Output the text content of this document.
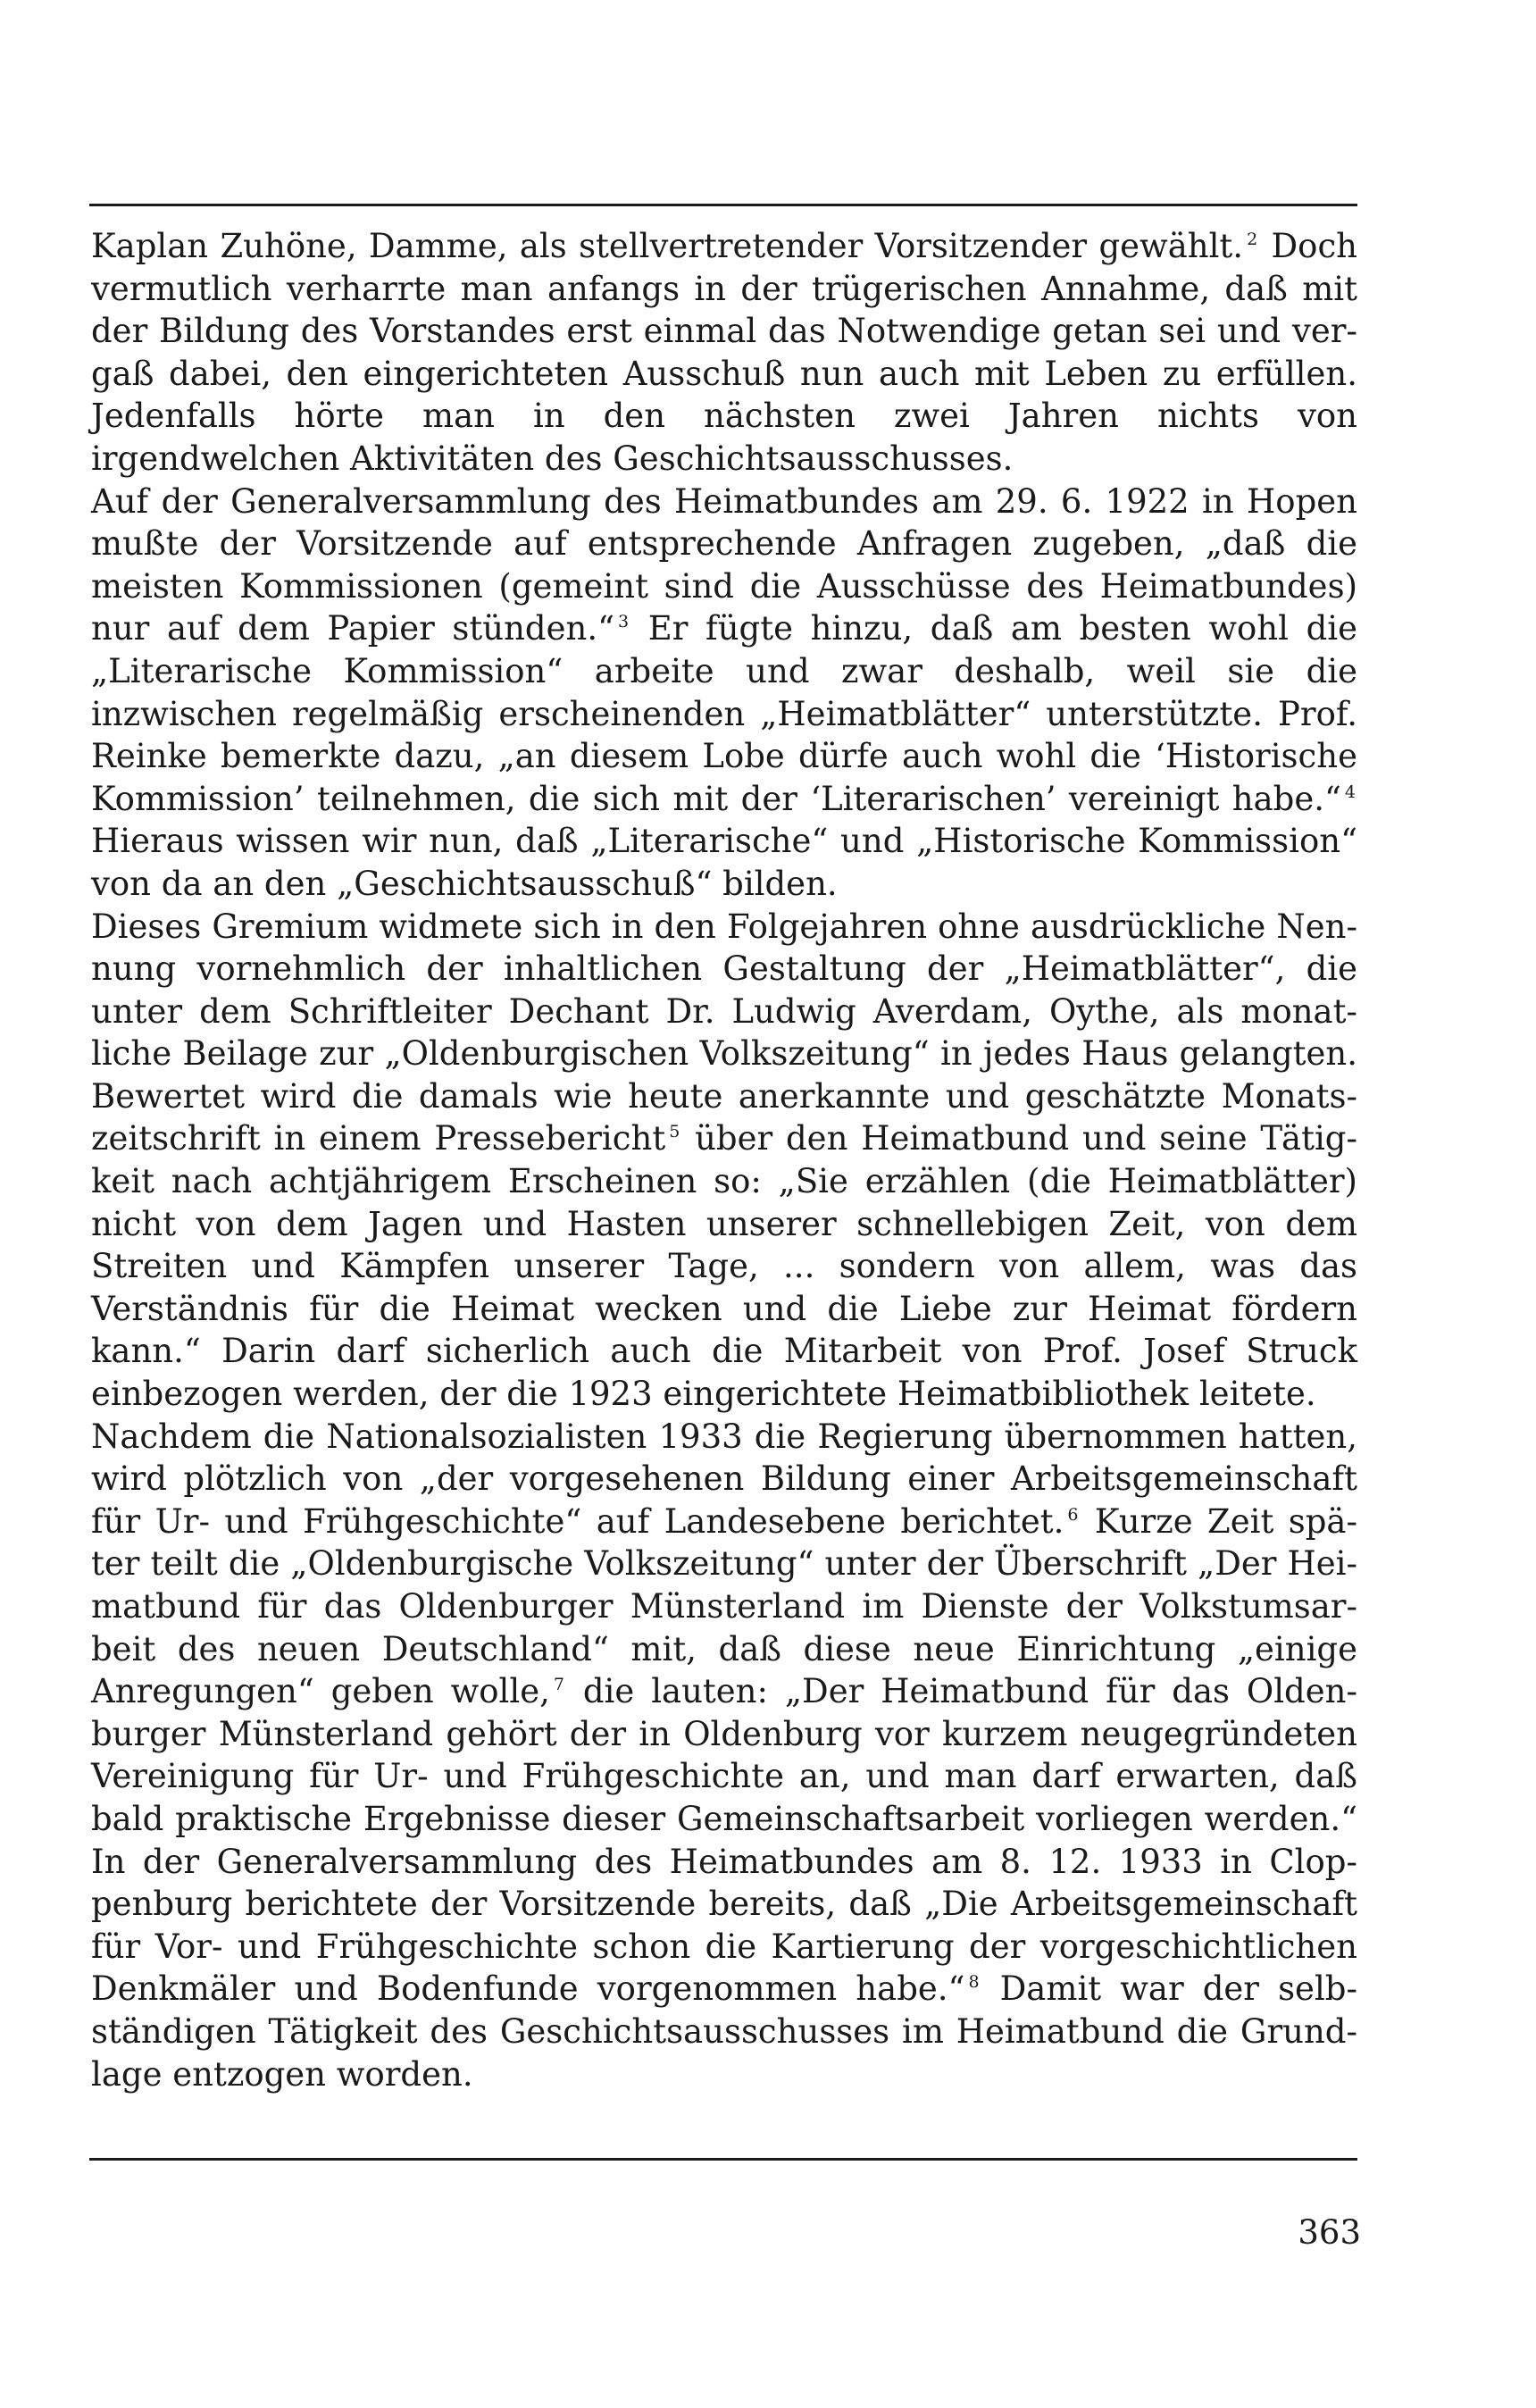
Kaplan Zuhöne, Damme, als stellvertretender Vorsitzender gewählt. $^2$ Doch vermutlich verharrte man anfangs in der trügerischen Annahme, daß mit der Bildung des Vorstandes erst einmal das Notwendige getan sei und vergaß dabei, den eingerichteten Ausschuß nun auch mit Leben zu erfüllen. Jedenfalls hörte man in den nächsten zwei Jahren nichts von irgendwelchen Aktivitäten des Geschichtsausschusses.

Auf der Generalversammlung des Heimatbundes am 29. 6. 1922 in Hopen mußte der Vorsitzende auf entsprechende Anfragen zugeben, „daß die meisten Kommissionen (gemeint sind die Ausschüsse des Heimatbundes) nur auf dem Papier stünden.“ $^3$ Er fügte hinzu, daß am besten wohl die „Literarische Kommission“ arbeite und zwar deshalb, weil sie die inzwischen regelmäßig erscheinenden „Heimatblätter“ unterstützte. Prof. Reinke bemerkte dazu, „an diesem Lobe dürfe auch wohl die ‘Historische Kommission’ teilnehmen, die sich mit der ‘Literarischen’ vereinigt habe.“ $^4$ Hieraus wissen wir nun, daß „Literarische“ und „Historische Kommission“ von da an den „Geschichtsausschuß“ bilden.

Dieses Gremium widmete sich in den Folgejahren ohne ausdrückliche Nennung vornehmlich der inhaltlichen Gestaltung der „Heimatblätter“, die unter dem Schriftleiter Dechant Dr. Ludwig Averdam, Oythe, als monatliche Beilage zur „Oldenburgischen Volkszeitung“ in jedes Haus gelangten. Bewertet wird die damals wie heute anerkannte und geschätzte Monatszeitschrift in einem Pressebericht $^5$ über den Heimatbund und seine Tätigkeit nach achtjährigem Erscheinen so: „Sie erzählen (die Heimatblätter) nicht von dem Jagen und Hasten unserer schnellebigen Zeit, von dem Streiten und Kämpfen unserer Tage, ... sondern von allem, was das Verständnis für die Heimat wecken und die Liebe zur Heimat fördern kann.“ Darin darf sicherlich auch die Mitarbeit von Prof. Josef Struck einbezogen werden, der die 1923 eingerichtete Heimatbibliothek leitete.

Nachdem die Nationalsozialisten 1933 die Regierung übernommen hatten, wird plötzlich von „der vorgesehenen Bildung einer Arbeitsgemeinschaft für Ur- und Frühgeschichte“ auf Landesebene berichtet. $^6$ Kurze Zeit später teilt die „Oldenburgische Volkszeitung“ unter der Überschrift „Der Heimatbund für das Oldenburger Münsterland im Dienste der Volkstumsarbeit des neuen Deutschland“ mit, daß diese neue Einrichtung „einige Anregungen“ geben wolle, $^7$ die lauten: „Der Heimatbund für das Oldenburger Münsterland gehört der in Oldenburg vor kurzem neugegründeten Vereinigung für Ur- und Frühgeschichte an, und man darf erwarten, daß bald praktische Ergebnisse dieser Gemeinschaftsarbeit vorliegen werden.“ In der Generalversammlung des Heimatbundes am 8. 12. 1933 in Cloppenburg berichtete der Vorsitzende bereits, daß „Die Arbeitsgemeinschaft für Vor- und Frühgeschichte schon die Kartierung der vorgeschichtlichen Denkmäler und Bodenfunde vorgenommen habe.“ $^8$ Damit war der selbständigen Tätigkeit des Geschichtsausschusses im Heimatbund die Grundlage entzogen worden.

363
